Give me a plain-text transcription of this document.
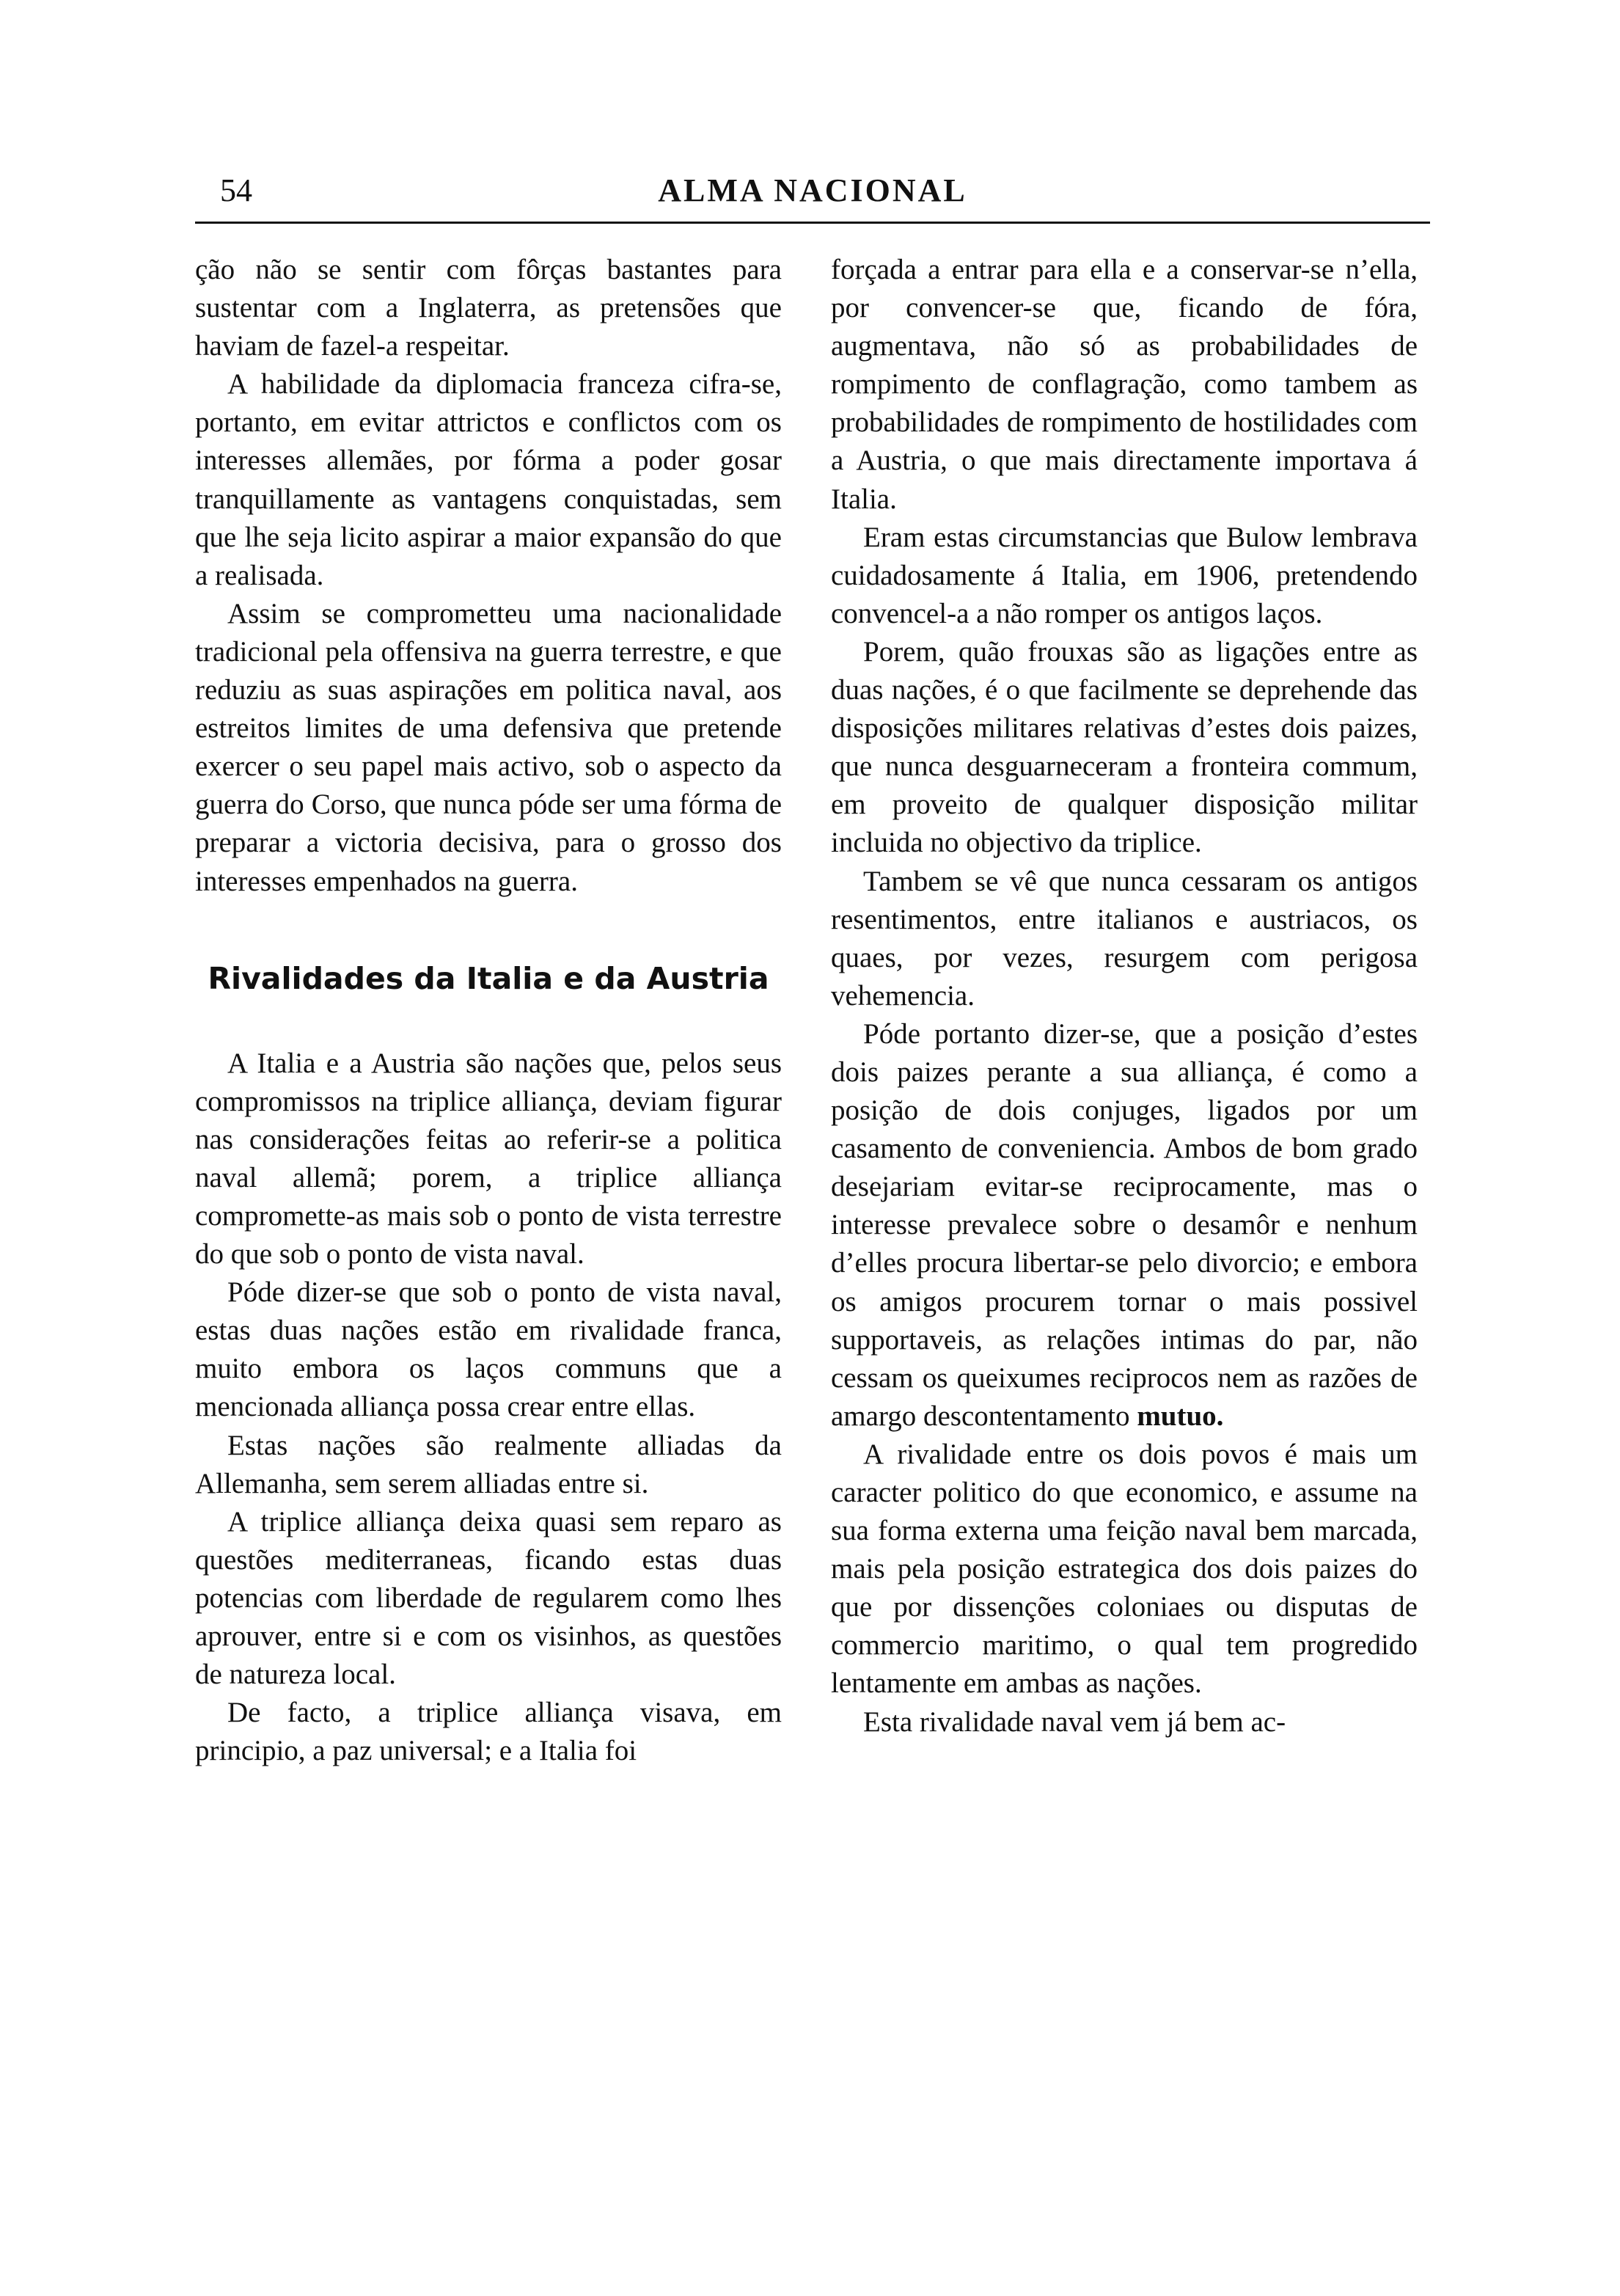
54	ALMA NACIONAL

ção não se sentir com fôrças bastantes para sustentar com a Inglaterra, as pretensões que haviam de fazel-a respeitar.

A habilidade da diplomacia franceza cifra-se, portanto, em evitar attrictos e conflictos com os interesses allemães, por fórma a poder gosar tranquillamente as vantagens conquistadas, sem que lhe seja licito aspirar a maior expansão do que a realisada.

Assim se comprometteu uma nacionalidade tradicional pela offensiva na guerra terrestre, e que reduziu as suas aspirações em politica naval, aos estreitos limites de uma defensiva que pretende exercer o seu papel mais activo, sob o aspecto da guerra do Corso, que nunca póde ser uma fórma de preparar a victoria decisiva, para o grosso dos interesses empenhados na guerra.

Rivalidades da Italia e da Austria

A Italia e a Austria são nações que, pelos seus compromissos na triplice alliança, deviam figurar nas considerações feitas ao referir-se a politica naval allemã; porem, a triplice alliança compromette-as mais sob o ponto de vista terrestre do que sob o ponto de vista naval.

Póde dizer-se que sob o ponto de vista naval, estas duas nações estão em rivalidade franca, muito embora os laços communs que a mencionada alliança possa crear entre ellas.

Estas nações são realmente alliadas da Allemanha, sem serem alliadas entre si.

A triplice alliança deixa quasi sem reparo as questões mediterraneas, ficando estas duas potencias com liberdade de regularem como lhes aprouver, entre si e com os visinhos, as questões de natureza local.

De facto, a triplice alliança visava, em principio, a paz universal; e a Italia foi

forçada a entrar para ella e a conservar-se n’ella, por convencer-se que, ficando de fóra, augmentava, não só as probabilidades de rompimento de conflagração, como tambem as probabilidades de rompimento de hostilidades com a Austria, o que mais directamente importava á Italia.

Eram estas circumstancias que Bulow lembrava cuidadosamente á Italia, em 1906, pretendendo convencel-a a não romper os antigos laços.

Porem, quão frouxas são as ligações entre as duas nações, é o que facilmente se deprehende das disposições militares relativas d’estes dois paizes, que nunca desguarneceram a fronteira commum, em proveito de qualquer disposição militar incluida no objectivo da triplice.

Tambem se vê que nunca cessaram os antigos resentimentos, entre italianos e austriacos, os quaes, por vezes, resurgem com perigosa vehemencia.

Póde portanto dizer-se, que a posição d’estes dois paizes perante a sua alliança, é como a posição de dois conjuges, ligados por um casamento de conveniencia. Ambos de bom grado desejariam evitar-se reciprocamente, mas o interesse prevalece sobre o desamôr e nenhum d’elles procura libertar-se pelo divorcio; e embora os amigos procurem tornar o mais possivel supportaveis, as relações intimas do par, não cessam os queixumes reciprocos nem as razões de amargo descontentamento mutuo.

A rivalidade entre os dois povos é mais um caracter politico do que economico, e assume na sua forma externa uma feição naval bem marcada, mais pela posição estrategica dos dois paizes do que por dissenções coloniaes ou disputas de commercio maritimo, o qual tem progredido lentamente em ambas as nações.

Esta rivalidade naval vem já bem ac-
